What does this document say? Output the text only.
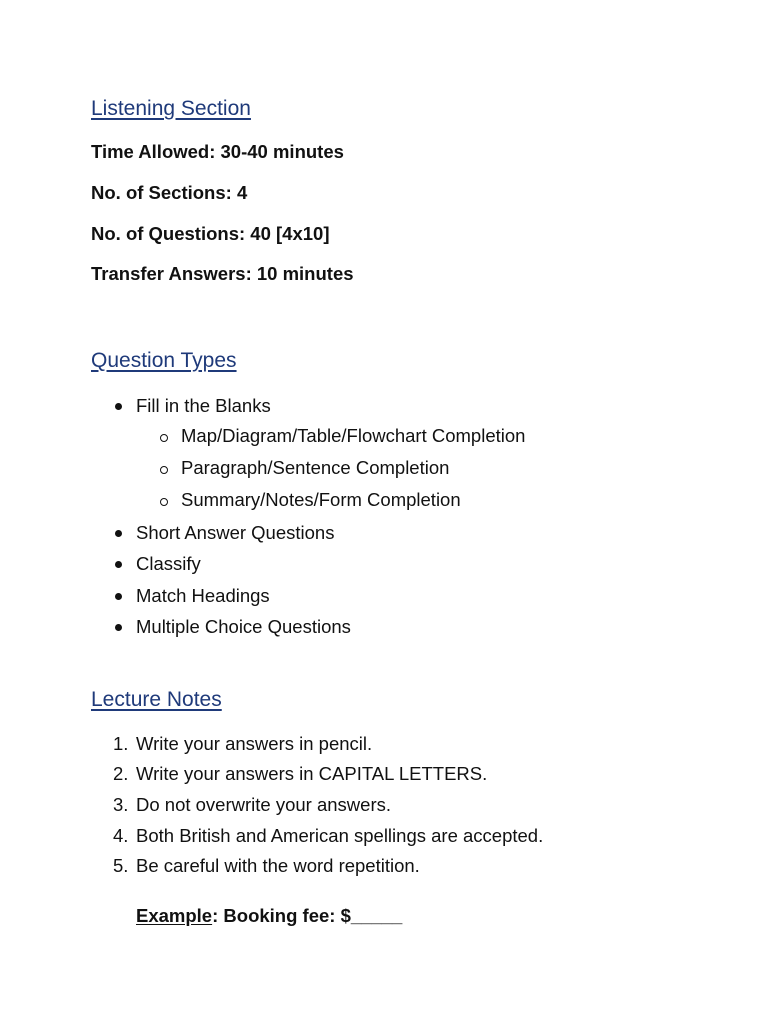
Listening Section

Time Allowed: 30-40 minutes

No. of Sections: 4

No. of Questions: 40 [4x10]

Transfer Answers: 10 minutes

Question Types

Fill in the Blanks

Map/Diagram/Table/Flowchart Completion

Paragraph/Sentence Completion

Summary/Notes/Form Completion

Short Answer Questions

Classify

Match Headings

Multiple Choice Questions

Lecture Notes
1. Write your answers in pencil.

2. Write your answers in CAPITAL LETTERS.

3. Do not overwrite your answers.

4. Both British and American spellings are accepted.

5. Be careful with the word repetition.

Example: Booking fee: $_____
